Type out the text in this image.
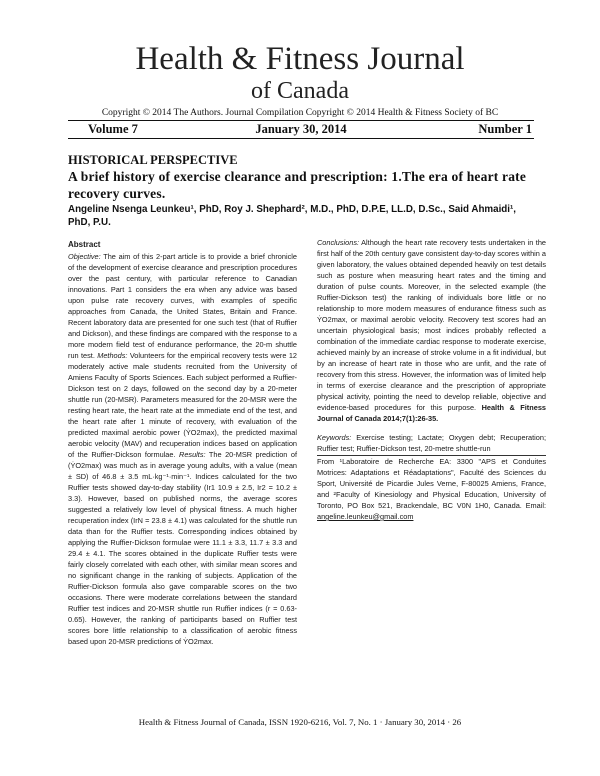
Health & Fitness Journal
of Canada
Copyright © 2014 The Authors. Journal Compilation Copyright © 2014 Health & Fitness Society of BC
Volume 7	January 30, 2014	Number 1
HISTORICAL PERSPECTIVE
A brief history of exercise clearance and prescription: 1.The era of heart rate recovery curves.
Angeline Nsenga Leunkeu¹, PhD, Roy J. Shephard², M.D., PhD, D.P.E, LL.D, D.Sc., Said Ahmaidi¹, PhD, P.U.
Abstract
Objective: The aim of this 2-part article is to provide a brief chronicle of the development of exercise clearance and prescription procedures over the past century, with particular reference to Canadian innovations. Part 1 considers the era when any advice was based upon pulse rate recovery curves, with examples of specific approaches from Canada, the United States, Britain and France. Recent laboratory data are presented for one such test (that of Ruffier and Dickson), and these findings are compared with the response to a more modern field test of endurance performance, the 20-m shuttle run test. Methods: Volunteers for the empirical recovery tests were 12 moderately active male students recruited from the University of Amiens Faculty of Sports Sciences. Each subject performed a Ruffier-Dickson test on 2 days, followed on the second day by a 20-meter shuttle run (20-MSR). Parameters measured for the 20-MSR were the resting heart rate, the heart rate at the immediate end of the test, and the heart rate after 1 minute of recovery, with evaluation of the predicted maximal aerobic power (ẎO2max), the predicted maximal aerobic velocity (MAV) and recuperation indices based on application of the Ruffier-Dickson formulae. Results: The 20-MSR prediction of (ẎO2max) was much as in average young adults, with a value (mean ± SD) of 46.8 ± 3.5 mL·kg⁻¹·min⁻¹. Indices calculated for the two Ruffier tests showed day-to-day stability (Ir1 10.9 ± 2.5, Ir2 = 10.2 ± 3.3). However, based on published norms, the average scores suggested a relatively low level of physical fitness. A much higher recuperation index (IrN = 23.8 ± 4.1) was calculated for the shuttle run data than for the Ruffier tests. Corresponding indices obtained by applying the Ruffier-Dickson formulae were 11.1 ± 3.3, 11.7 ± 3.3 and 29.4 ± 4.1. The scores obtained in the duplicate Ruffier tests were fairly closely correlated with each other, with similar mean scores and no significant change in the ranking of subjects. Application of the Ruffier-Dickson formula also gave comparable scores on the two occasions. There were moderate correlations between the standard Ruffier test indices and 20-MSR shuttle run Ruffier indices (r = 0.63-0.65). However, the ranking of participants based on Ruffier test scores bore little relationship to a classification of aerobic fitness based upon 20-MSR predictions of ẎO2max.
Conclusions: Although the heart rate recovery tests undertaken in the first half of the 20th century gave consistent day-to-day scores within a given laboratory, the values obtained depended heavily on test details such as posture when measuring heart rates and the timing and duration of pulse counts. Moreover, in the selected example (the Ruffier-Dickson test) the ranking of individuals bore little or no relationship to more modern measures of endurance fitness such as ẎO2max, or maximal aerobic velocity. Recovery test scores had an uncertain physiological basis; most indices probably reflected a combination of the immediate cardiac response to moderate exercise, achieved mainly by an increase of stroke volume in a fit individual, but by an increase of heart rate in those who are unfit, and the rate of recovery from this stress. However, the information was of limited help in terms of exercise clearance and the prescription of appropriate physical activity, pointing the need to develop reliable, objective and evidence-based procedures for this purpose. Health & Fitness Journal of Canada 2014;7(1):26-35.
Keywords: Exercise testing; Lactate; Oxygen debt; Recuperation; Ruffier test; Ruffier-Dickson test, 20-metre shuttle-run
From ¹Laboratoire de Recherche EA: 3300 "APS et Conduites Motrices: Adaptations et Réadaptations", Faculté des Sciences du Sport, Université de Picardie Jules Verne, F-80025 Amiens, France, and ²Faculty of Kinesiology and Physical Education, University of Toronto, PO Box 521, Brackendale, BC V0N 1H0, Canada. Email: angeline.leunkeu@gmail.com
Health & Fitness Journal of Canada, ISSN 1920-6216, Vol. 7, No. 1 · January 30, 2014 · 26
